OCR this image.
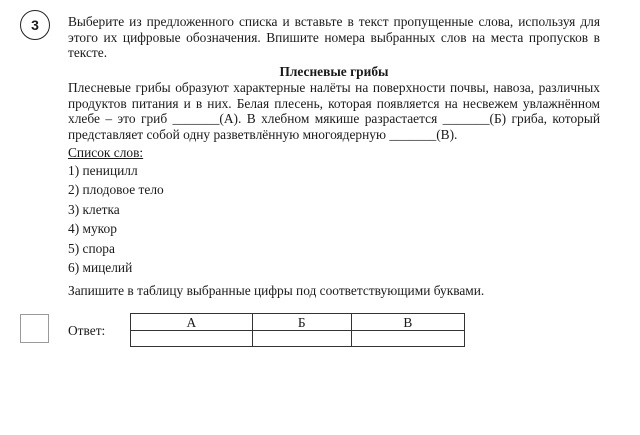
3	Выберите из предложенного списка и вставьте в текст пропущенные слова, используя для этого их цифровые обозначения. Впишите номера выбранных слов на места пропусков в тексте.

Плесневые грибы

Плесневые грибы образуют характерные налёты на поверхности почвы, навоза, различных продуктов питания и в них. Белая плесень, которая появляется на несвежем увлажнённом хлебе – это гриб _______(А). В хлебном мякише разрастается _______(Б) гриба, который представляет собой одну разветвлённую многоядерную _______(В).

Список слов:
1) пеницилл
2) плодовое тело
3) клетка
4) мукор
5) спора
6) мицелий
Запишите в таблицу выбранные цифры под соответствующими буквами.
Ответ:
А	Б	В
